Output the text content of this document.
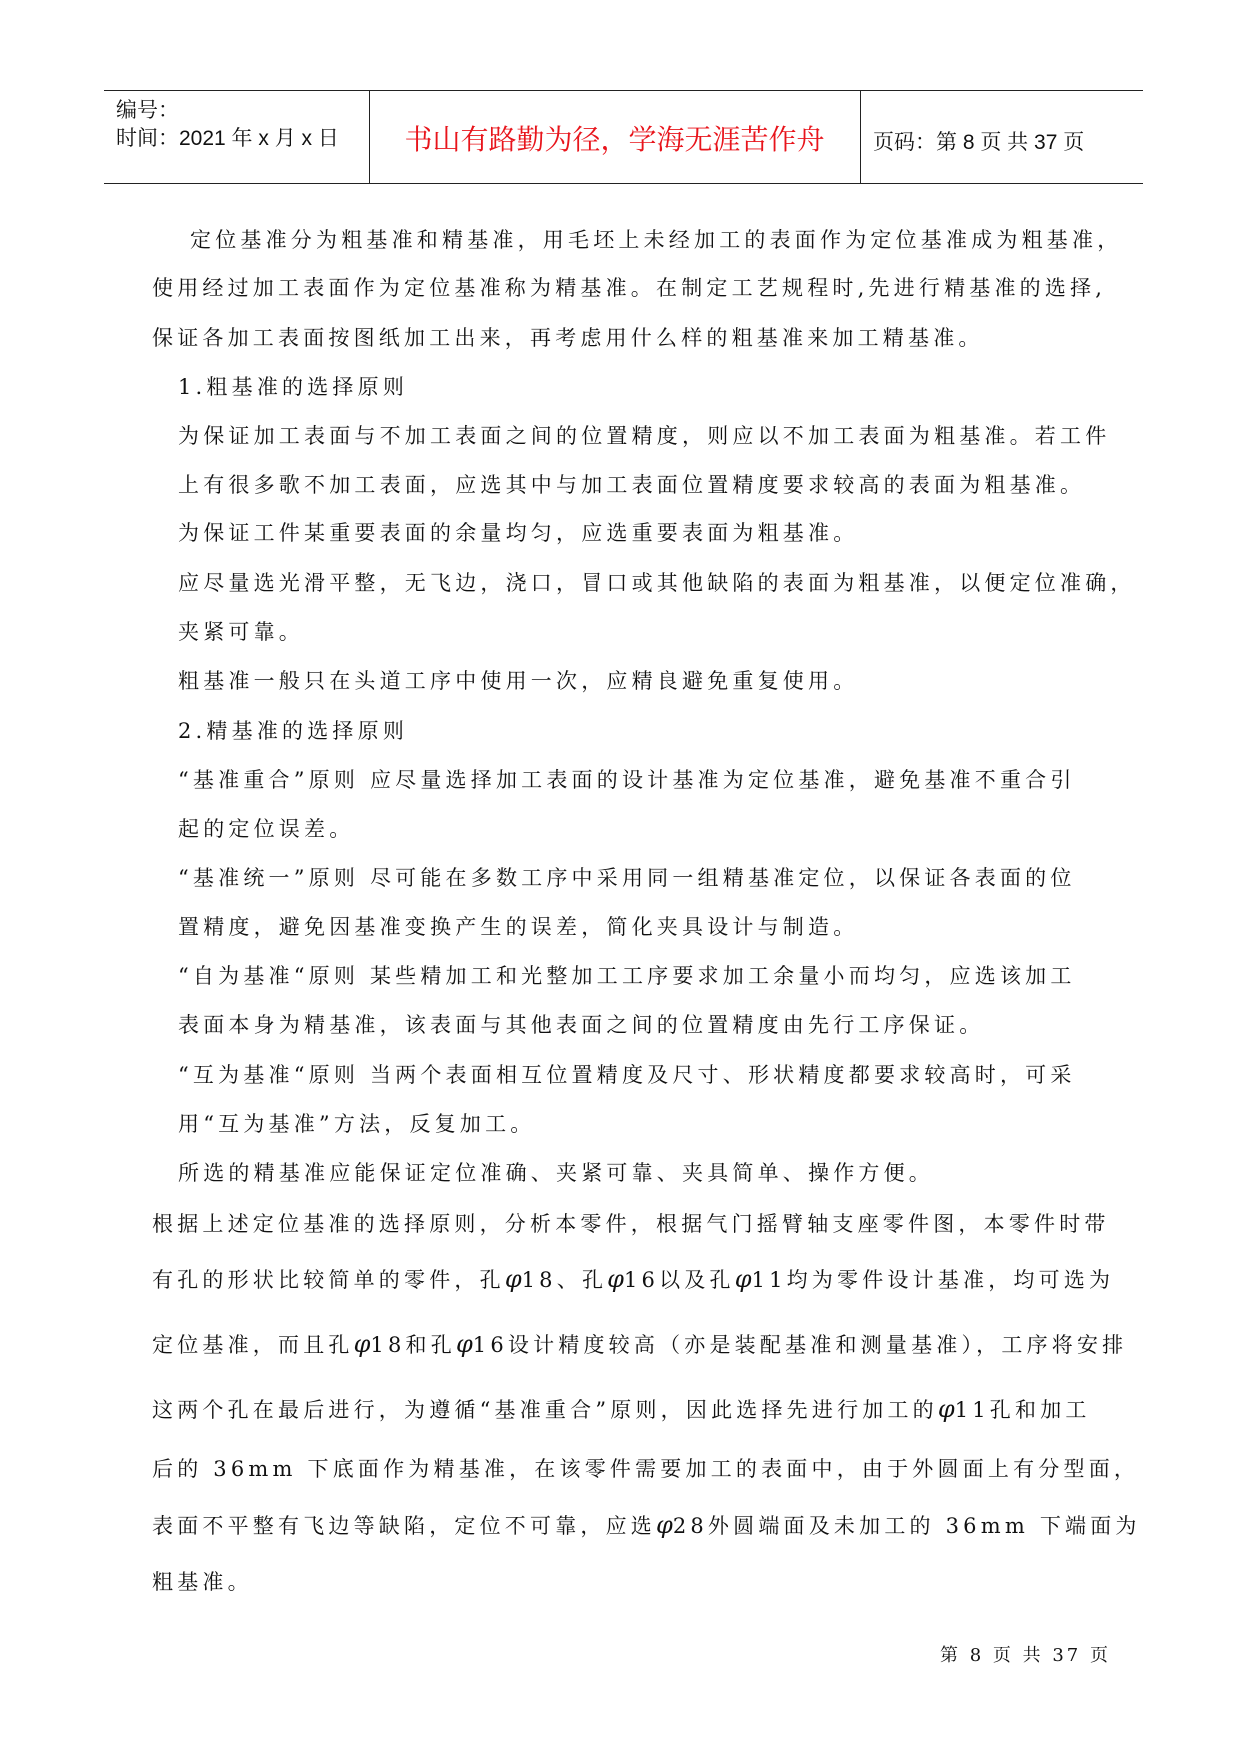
编号：
时间：2021 年 x 月 x 日	书山有路勤为径，学海无涯苦作舟	页码：第 8 页 共 37 页
定位基准分为粗基准和精基准，用毛坯上未经加工的表面作为定位基准成为粗基准，
使用经过加工表面作为定位基准称为精基准。在制定工艺规程时,先进行精基准的选择,
保证各加工表面按图纸加工出来，再考虑用什么样的粗基准来加工精基准。
1.粗基准的选择原则
为保证加工表面与不加工表面之间的位置精度，则应以不加工表面为粗基准。若工件
上有很多歌不加工表面，应选其中与加工表面位置精度要求较高的表面为粗基准。
为保证工件某重要表面的余量均匀，应选重要表面为粗基准。
应尽量选光滑平整，无飞边，浇口，冒口或其他缺陷的表面为粗基准，以便定位准确，
夹紧可靠。
粗基准一般只在头道工序中使用一次，应精良避免重复使用。
2.精基准的选择原则
“基准重合”原则 应尽量选择加工表面的设计基准为定位基准，避免基准不重合引
起的定位误差。
“基准统一”原则 尽可能在多数工序中采用同一组精基准定位，以保证各表面的位
置精度，避免因基准变换产生的误差，简化夹具设计与制造。
“自为基准“原则 某些精加工和光整加工工序要求加工余量小而均匀，应选该加工
表面本身为精基准，该表面与其他表面之间的位置精度由先行工序保证。
“互为基准“原则 当两个表面相互位置精度及尺寸、形状精度都要求较高时，可采
用“互为基准”方法，反复加工。
所选的精基准应能保证定位准确、夹紧可靠、夹具简单、操作方便。
根据上述定位基准的选择原则，分析本零件，根据气门摇臂轴支座零件图，本零件时带
有孔的形状比较简单的零件，孔φ18、孔φ16以及孔φ11均为零件设计基准，均可选为
定位基准，而且孔φ18和孔φ16设计精度较高（亦是装配基准和测量基准），工序将安排
这两个孔在最后进行，为遵循“基准重合”原则，因此选择先进行加工的φ11孔和加工
后的 36mm 下底面作为精基准，在该零件需要加工的表面中，由于外圆面上有分型面，
表面不平整有飞边等缺陷，定位不可靠，应选φ28外圆端面及未加工的 36mm 下端面为
粗基准。
第 8 页 共 37 页
